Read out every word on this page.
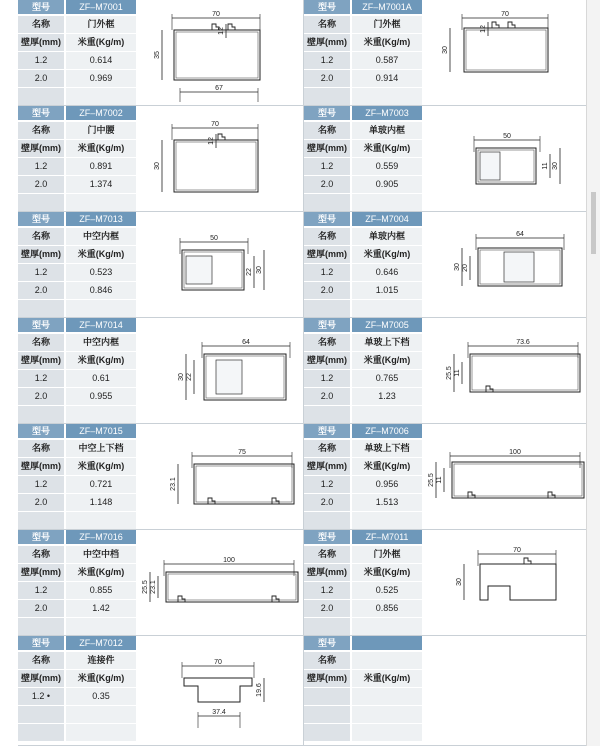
型号	ZF–M7001
名称	门外框
壁厚(mm)	米重(Kg/m)
1.2	0.614
2.0	0.969
70
35
12
67
型号	ZF–M7001A
名称	门外框
壁厚(mm)	米重(Kg/m)
1.2	0.587
2.0	0.914
70
30
12
型号	ZF–M7002
名称	门中腰
壁厚(mm)	米重(Kg/m)
1.2	0.891
2.0	1.374
70
30
12
型号	ZF–M7003
名称	单玻内框
壁厚(mm)	米重(Kg/m)
1.2	0.559
2.0	0.905
50
11 30
型号	ZF–M7013
名称	中空内框
壁厚(mm)	米重(Kg/m)
1.2	0.523
2.0	0.846
50
22 30
型号	ZF–M7004
名称	单玻内框
壁厚(mm)	米重(Kg/m)
1.2	0.646
2.0	1.015
64
30 20
型号	ZF–M7014
名称	中空内框
壁厚(mm)	米重(Kg/m)
1.2	0.61
2.0	0.955
64
30 22
型号	ZF–M7005
名称	单玻上下档
壁厚(mm)	米重(Kg/m)
1.2	0.765
2.0	1.23
73.6
25.5 11
型号	ZF–M7015
名称	中空上下档
壁厚(mm)	米重(Kg/m)
1.2	0.721
2.0	1.148
75
23.1
型号	ZF–M7006
名称	单玻上下档
壁厚(mm)	米重(Kg/m)
1.2	0.956
2.0	1.513
100
25.5 11
型号	ZF–M7016
名称	中空中档
壁厚(mm)	米重(Kg/m)
1.2	0.855
2.0	1.42
100
25.5 23.1
型号	ZF–M7011
名称	门外框
壁厚(mm)	米重(Kg/m)
1.2	0.525
2.0	0.856
70
30
型号	ZF–M7012
名称	连接件
壁厚(mm)	米重(Kg/m)
1.2 •	0.35
70
37.4
19.6
型号
名称
壁厚(mm)	米重(Kg/m)
